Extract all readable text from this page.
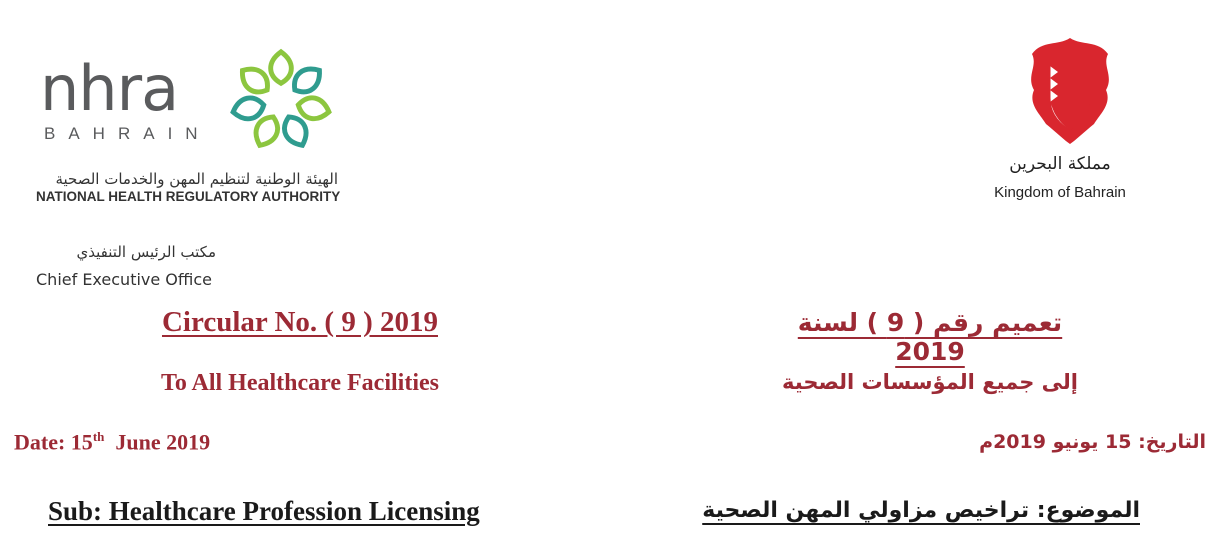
nhra
BAHRAIN
الهيئة الوطنية لتنظيم المهن والخدمات الصحية
NATIONAL HEALTH REGULATORY AUTHORITY
مكتب الرئيس التنفيذي
Chief Executive Office
مملكة البحرين
Kingdom of Bahrain
Circular No. ( 9 ) 2019	تعميم رقم ( 9 ) لسنة 2019
To All Healthcare Facilities	إلى جميع المؤسسات الصحية
Date: 15th June 2019	التاريخ: 15 يونيو 2019م
Sub: Healthcare Profession Licensing	الموضوع: تراخيص مزاولي المهن الصحية
